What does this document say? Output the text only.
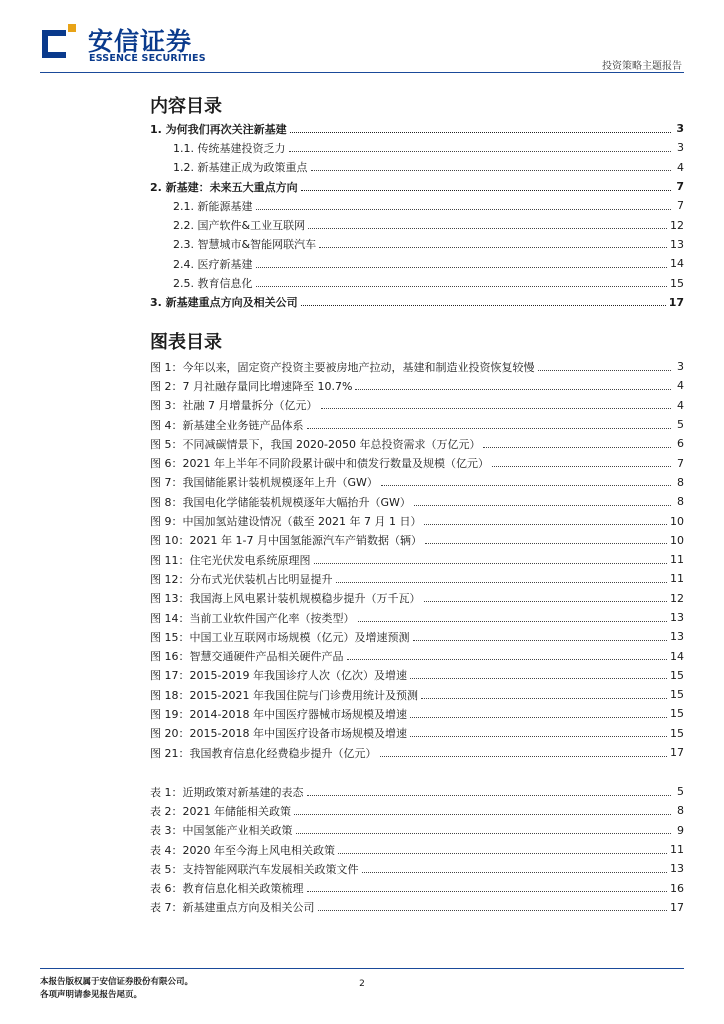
安信证券
ESSENCE SECURITIES
投资策略主题报告
内容目录
1. 为何我们再次关注新基建	3
1.1. 传统基建投资乏力	3
1.2. 新基建正成为政策重点	4
2. 新基建：未来五大重点方向	7
2.1. 新能源基建	7
2.2. 国产软件&工业互联网	12
2.3. 智慧城市&智能网联汽车	13
2.4. 医疗新基建	14
2.5. 教育信息化	15
3. 新基建重点方向及相关公司	17
图表目录
图 1：今年以来，固定资产投资主要被房地产拉动，基建和制造业投资恢复较慢	3
图 2：7 月社融存量同比增速降至 10.7%	4
图 3：社融 7 月增量拆分（亿元）	4
图 4：新基建全业务链产品体系	5
图 5：不同减碳情景下，我国 2020-2050 年总投资需求（万亿元）	6
图 6：2021 年上半年不同阶段累计碳中和债发行数量及规模（亿元）	7
图 7：我国储能累计装机规模逐年上升（GW）	8
图 8：我国电化学储能装机规模逐年大幅抬升（GW）	8
图 9：中国加氢站建设情况（截至 2021 年 7 月 1 日）	10
图 10：2021 年 1-7 月中国氢能源汽车产销数据（辆）	10
图 11：住宅光伏发电系统原理图	11
图 12：分布式光伏装机占比明显提升	11
图 13：我国海上风电累计装机规模稳步提升（万千瓦）	12
图 14：当前工业软件国产化率（按类型）	13
图 15：中国工业互联网市场规模（亿元）及增速预测	13
图 16：智慧交通硬件产品相关硬件产品	14
图 17：2015-2019 年我国诊疗人次（亿次）及增速	15
图 18：2015-2021 年我国住院与门诊费用统计及预测	15
图 19：2014-2018 年中国医疗器械市场规模及增速	15
图 20：2015-2018 年中国医疗设备市场规模及增速	15
图 21：我国教育信息化经费稳步提升（亿元）	17
表 1：近期政策对新基建的表态	5
表 2：2021 年储能相关政策	8
表 3：中国氢能产业相关政策	9
表 4：2020 年至今海上风电相关政策	11
表 5：支持智能网联汽车发展相关政策文件	13
表 6：教育信息化相关政策梳理	16
表 7：新基建重点方向及相关公司	17
本报告版权属于安信证券股份有限公司。
各项声明请参见报告尾页。
2
